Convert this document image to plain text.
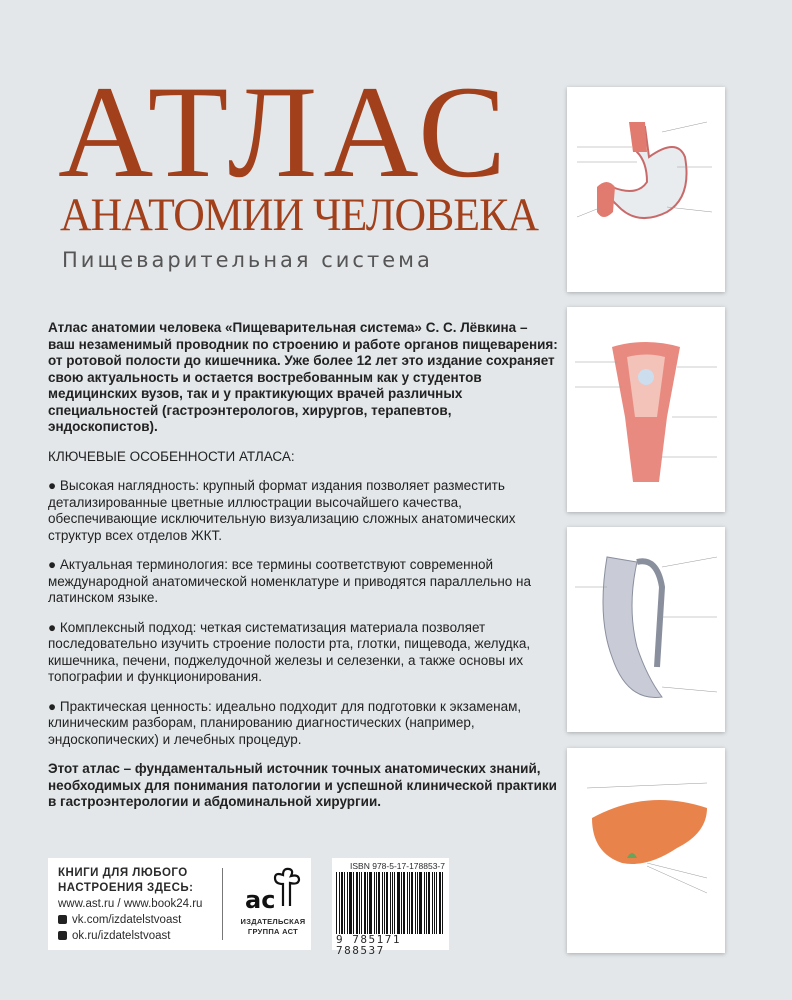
АТЛАС
АНАТОМИИ ЧЕЛОВЕКА
Пищеварительная система

Атлас анатомии человека «Пищеварительная система» С. С. Лёвкина – ваш незаменимый проводник по строению и работе органов пищеварения: от ротовой полости до кишечника. Уже более 12 лет это издание сохраняет свою актуальность и остается востребованным как у студентов медицинских вузов, так и у практикующих врачей различных специальностей (гастроэнтерологов, хирургов, терапевтов, эндоскопистов).

КЛЮЧЕВЫЕ ОСОБЕННОСТИ АТЛАСА:

● Высокая наглядность: крупный формат издания позволяет разместить детализированные цветные иллюстрации высочайшего качества, обеспечивающие исключительную визуализацию сложных анатомических структур всех отделов ЖКТ.

● Актуальная терминология: все термины соответствуют современной международной анатомической номенклатуре и приводятся параллельно на латинском языке.

● Комплексный подход: четкая систематизация материала позволяет последовательно изучить строение полости рта, глотки, пищевода, желудка, кишечника, печени, поджелудочной железы и селезенки, а также основы их топографии и функционирования.

● Практическая ценность: идеально подходит для подготовки к экзаменам, клиническим разборам, планированию диагностических (например, эндоскопических) и лечебных процедур.

Этот атлас – фундаментальный источник точных анатомических знаний, необходимых для понимания патологии и успешной клинической практики в гастроэнтерологии и абдоминальной хирургии.

КНИГИ ДЛЯ ЛЮБОГО
НАСТРОЕНИЯ ЗДЕСЬ:
www.ast.ru / www.book24.ru
vk.com/izdatelstvoast
ok.ru/izdatelstvoast
ac
ИЗДАТЕЛЬСКАЯ
ГРУППА АСТ
ISBN 978-5-17-178853-7
9 785171 788537
